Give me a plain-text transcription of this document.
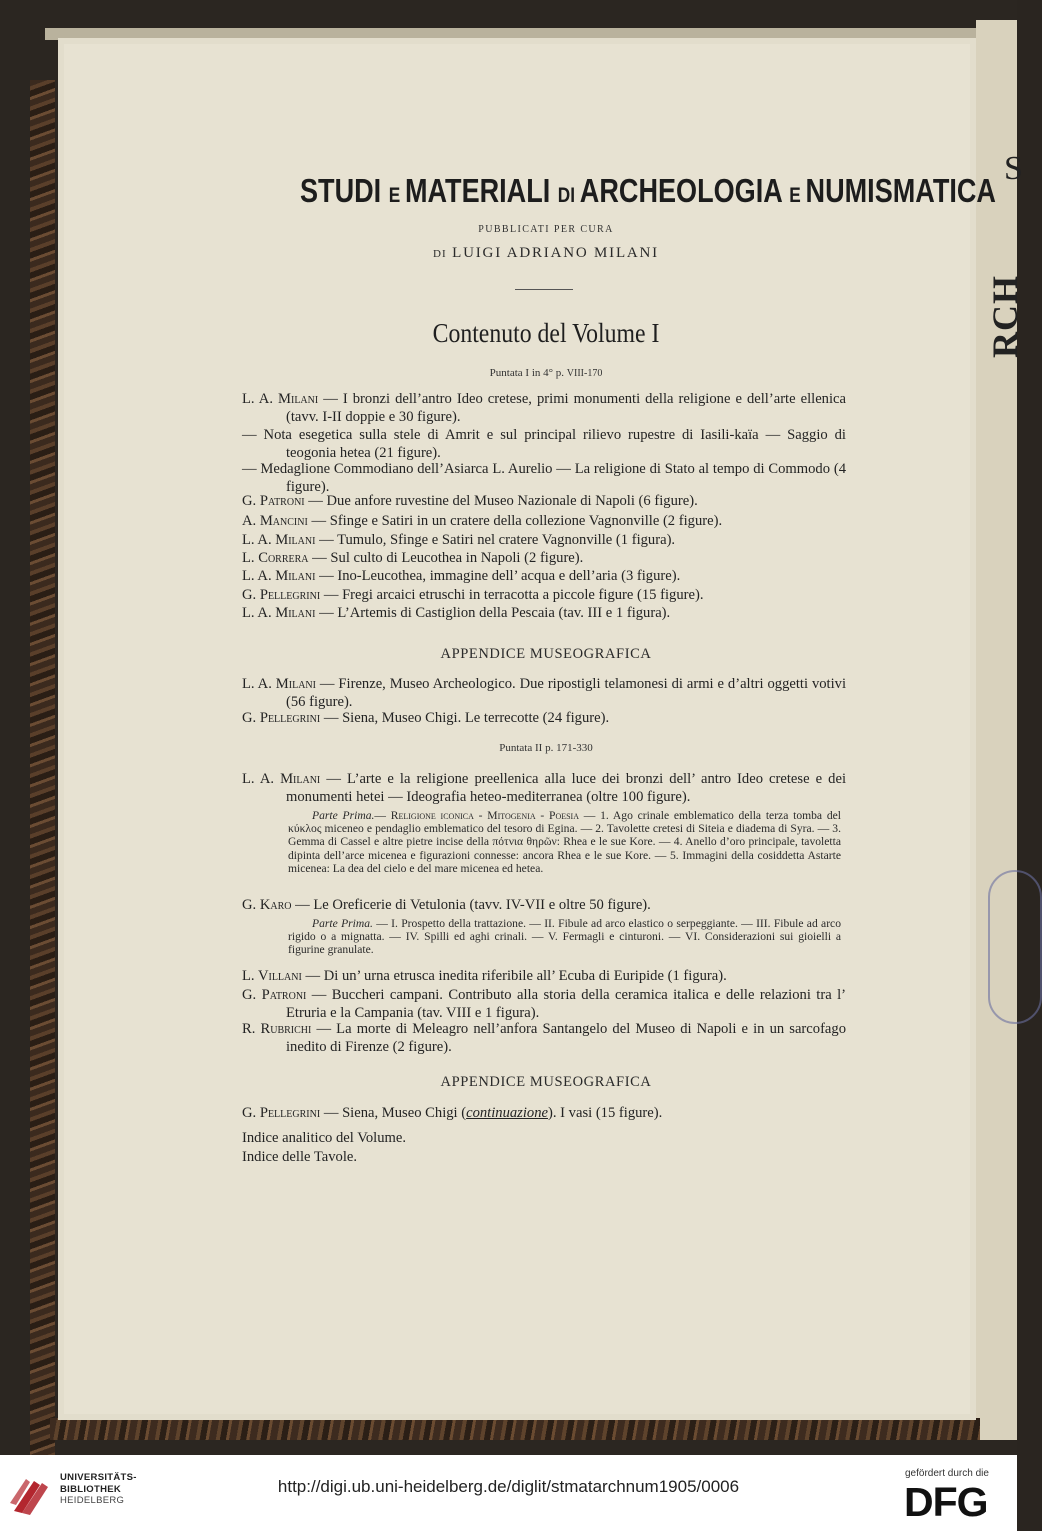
S
RCH
STUDI E MATERIALI DI ARCHEOLOGIA E NUMISMATICA
PUBBLICATI PER CURA
DI LUIGI ADRIANO MILANI
Contenuto del Volume I
Puntata I in 4° p. VIII-170
L. A. Milani — I bronzi dell’antro Ideo cretese, primi monumenti della religione e dell’arte ellenica (tavv. I-II doppie e 30 figure).
— Nota esegetica sulla stele di Amrit e sul principal rilievo rupestre di Iasili-kaïa — Saggio di teogonia hetea (21 figure).
— Medaglione Commodiano dell’Asiarca L. Aurelio — La religione di Stato al tempo di Commodo (4 figure).
G. Patroni — Due anfore ruvestine del Museo Nazionale di Napoli (6 figure).
A. Mancini — Sfinge e Satiri in un cratere della collezione Vagnonville (2 figure).
L. A. Milani — Tumulo, Sfinge e Satiri nel cratere Vagnonville (1 figura).
L. Correra — Sul culto di Leucothea in Napoli (2 figure).
L. A. Milani — Ino-Leucothea, immagine dell’ acqua e dell’aria (3 figure).
G. Pellegrini — Fregi arcaici etruschi in terracotta a piccole figure (15 figure).
L. A. Milani — L’Artemis di Castiglion della Pescaia (tav. III e 1 figura).
APPENDICE MUSEOGRAFICA
L. A. Milani — Firenze, Museo Archeologico. Due ripostigli telamonesi di armi e d’altri oggetti votivi (56 figure).
G. Pellegrini — Siena, Museo Chigi. Le terrecotte (24 figure).
Puntata II p. 171-330
L. A. Milani — L’arte e la religione preellenica alla luce dei bronzi dell’ antro Ideo cretese e dei monumenti hetei — Ideografia heteo-mediterranea (oltre 100 figure).
Parte Prima.— Religione iconica - Mitogenia - Poesia — 1. Ago crinale emblematico della terza tomba del κύκλος miceneo e pendaglio emblematico del tesoro di Egina. — 2. Tavolette cretesi di Siteia e diadema di Syra. — 3. Gemma di Cassel e altre pietre incise della πότνια θηρῶν: Rhea e le sue Kore. — 4. Anello d’oro principale, tavoletta dipinta dell’arce micenea e figurazioni connesse: ancora Rhea e le sue Kore. — 5. Immagini della cosiddetta Astarte micenea: La dea del cielo e del mare micenea ed hetea.
G. Karo — Le Oreficerie di Vetulonia (tavv. IV-VII e oltre 50 figure).
Parte Prima. — I. Prospetto della trattazione. — II. Fibule ad arco elastico o serpeggiante. — III. Fibule ad arco rigido o a mignatta. — IV. Spilli ed aghi crinali. — V. Fermagli e cinturoni. — VI. Considerazioni sui gioielli a figurine granulate.
L. Villani — Di un’ urna etrusca inedita riferibile all’ Ecuba di Euripide (1 figura).
G. Patroni — Buccheri campani. Contributo alla storia della ceramica italica e delle relazioni tra l’ Etruria e la Campania (tav. VIII e 1 figura).
R. Rubrichi — La morte di Meleagro nell’anfora Santangelo del Museo di Napoli e in un sarcofago inedito di Firenze (2 figure).
APPENDICE MUSEOGRAFICA
G. Pellegrini — Siena, Museo Chigi (continuazione). I vasi (15 figure).
Indice analitico del Volume.
Indice delle Tavole.
UNIVERSITÄTS-
BIBLIOTHEK
HEIDELBERG
http://digi.ub.uni-heidelberg.de/diglit/stmatarchnum1905/0006
gefördert durch die
DFG
